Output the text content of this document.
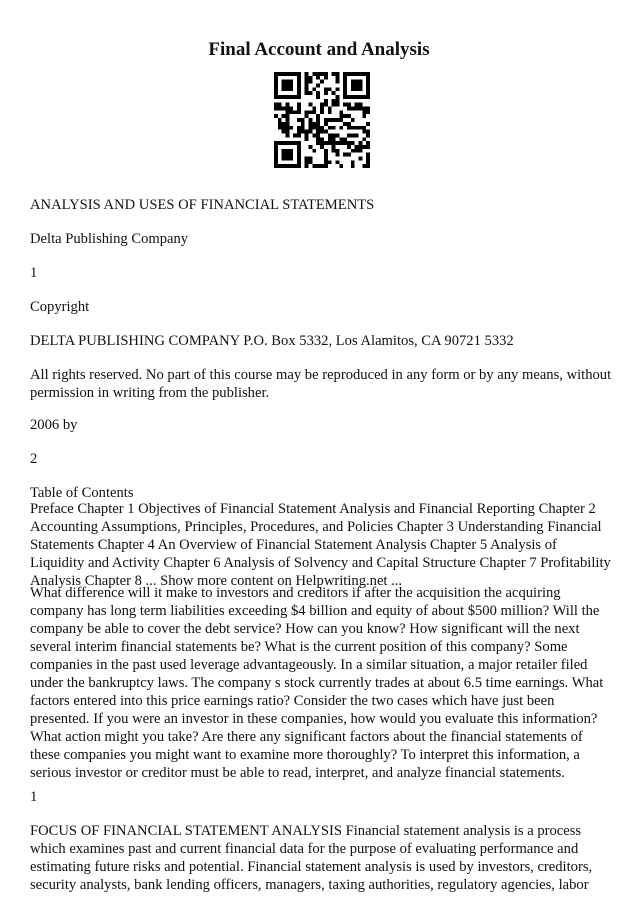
Final Account and Analysis

ANALYSIS AND USES OF FINANCIAL STATEMENTS

Delta Publishing Company

1

Copyright

DELTA PUBLISHING COMPANY P.O. Box 5332, Los Alamitos, CA 90721 5332

All rights reserved. No part of this course may be reproduced in any form or by any means, without permission in writing from the publisher.

2006 by

2

Table of Contents

Preface Chapter 1 Objectives of Financial Statement Analysis and Financial Reporting Chapter 2 Accounting Assumptions, Principles, Procedures, and Policies Chapter 3 Understanding Financial Statements Chapter 4 An Overview of Financial Statement Analysis Chapter 5 Analysis of Liquidity and Activity Chapter 6 Analysis of Solvency and Capital Structure Chapter 7 Profitability Analysis Chapter 8 ... Show more content on Helpwriting.net ...

What difference will it make to investors and creditors if after the acquisition the acquiring company has long term liabilities exceeding $4 billion and equity of about $500 million? Will the company be able to cover the debt service? How can you know? How significant will the next several interim financial statements be? What is the current position of this company? Some companies in the past used leverage advantageously. In a similar situation, a major retailer filed under the bankruptcy laws. The company s stock currently trades at about 6.5 time earnings. What factors entered into this price earnings ratio? Consider the two cases which have just been presented. If you were an investor in these companies, how would you evaluate this information? What action might you take? Are there any significant factors about the financial statements of these companies you might want to examine more thoroughly? To interpret this information, a serious investor or creditor must be able to read, interpret, and analyze financial statements.

1

FOCUS OF FINANCIAL STATEMENT ANALYSIS Financial statement analysis is a process which examines past and current financial data for the purpose of evaluating performance and estimating future risks and potential. Financial statement analysis is used by investors, creditors, security analysts, bank lending officers, managers, taxing authorities, regulatory agencies, labor
